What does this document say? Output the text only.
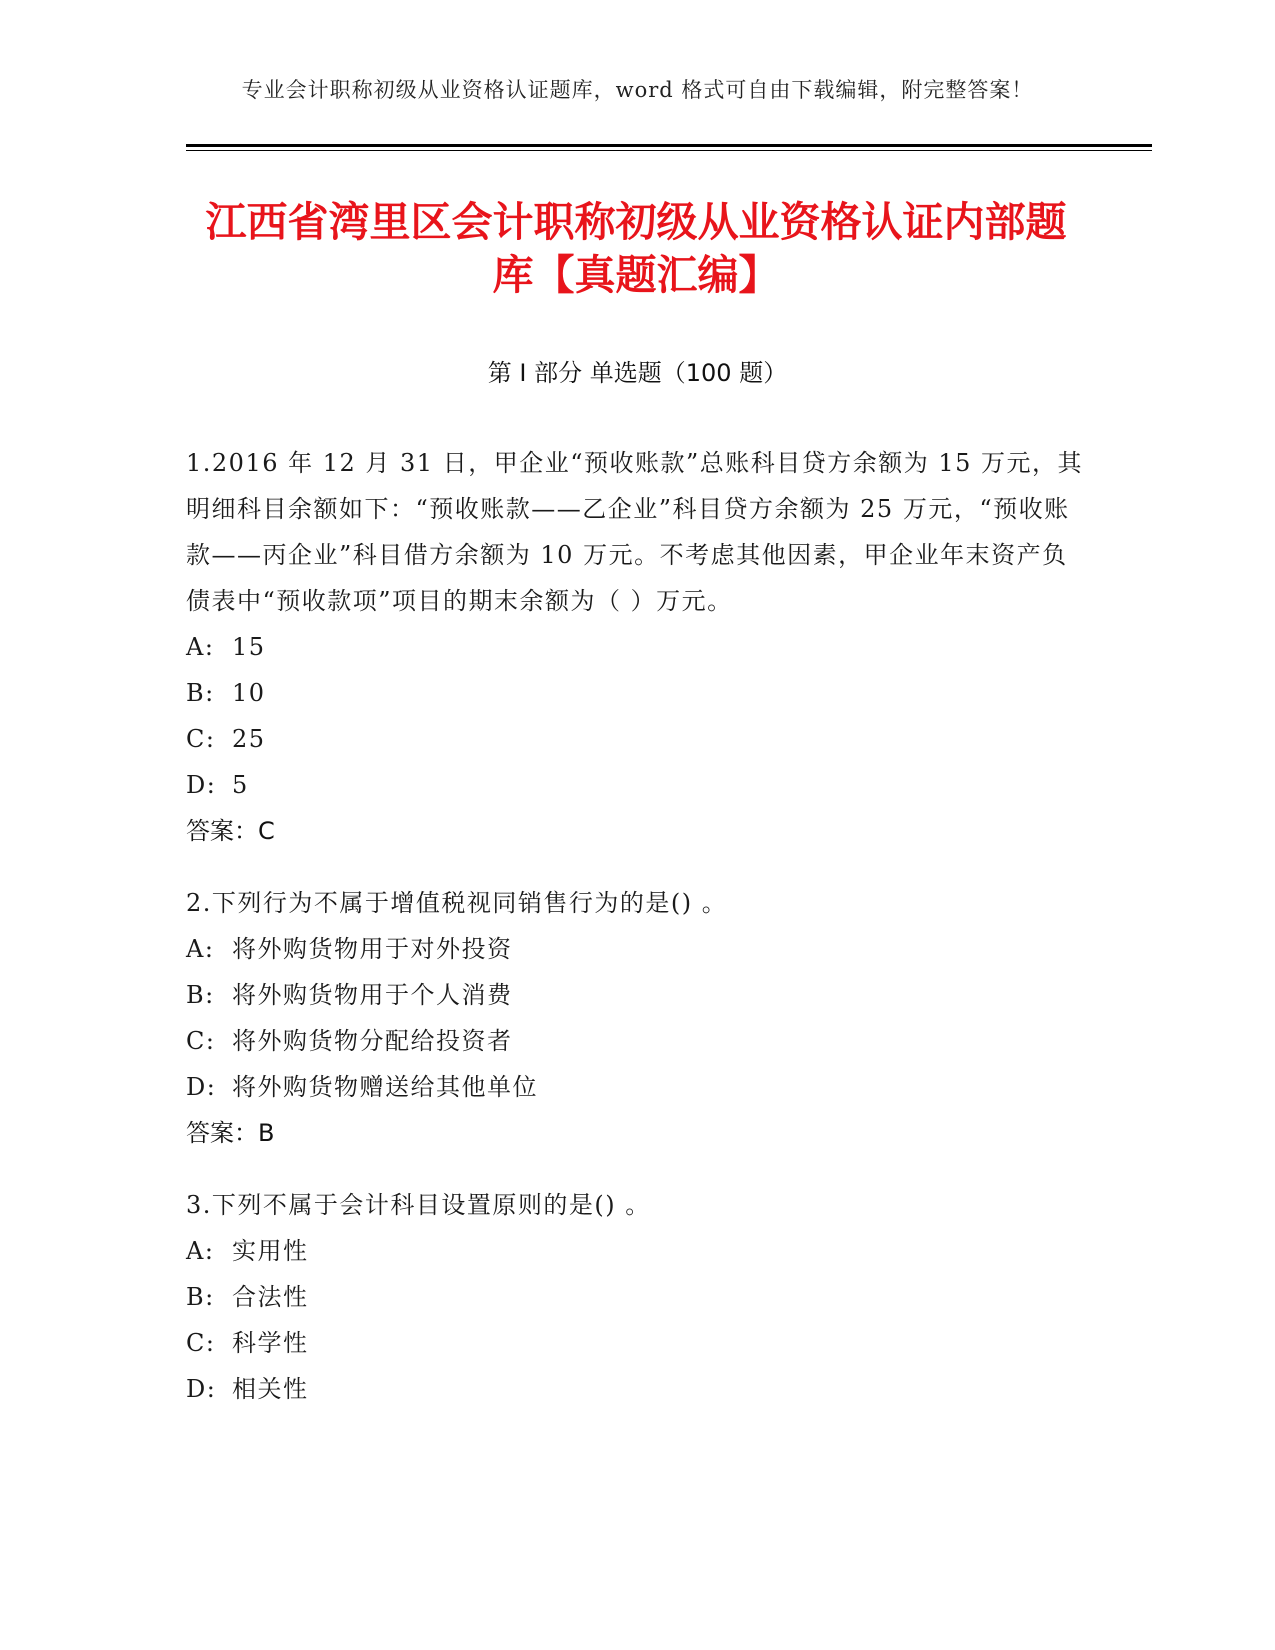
专业会计职称初级从业资格认证题库，word 格式可自由下载编辑，附完整答案！
江西省湾里区会计职称初级从业资格认证内部题库【真题汇编】
第 I 部分 单选题（100 题）

1.2016 年 12 月 31 日，甲企业“预收账款”总账科目贷方余额为 15 万元，其明细科目余额如下：“预收账款——乙企业”科目贷方余额为 25 万元，“预收账款——丙企业”科目借方余额为 10 万元。不考虑其他因素，甲企业年末资产负债表中“预收款项”项目的期末余额为（ ）万元。

A: 15

B: 10

C: 25

D: 5

答案：C

2.下列行为不属于增值税视同销售行为的是() 。

A: 将外购货物用于对外投资

B: 将外购货物用于个人消费

C: 将外购货物分配给投资者

D: 将外购货物赠送给其他单位

答案：B

3.下列不属于会计科目设置原则的是() 。

A: 实用性

B: 合法性

C: 科学性

D: 相关性
